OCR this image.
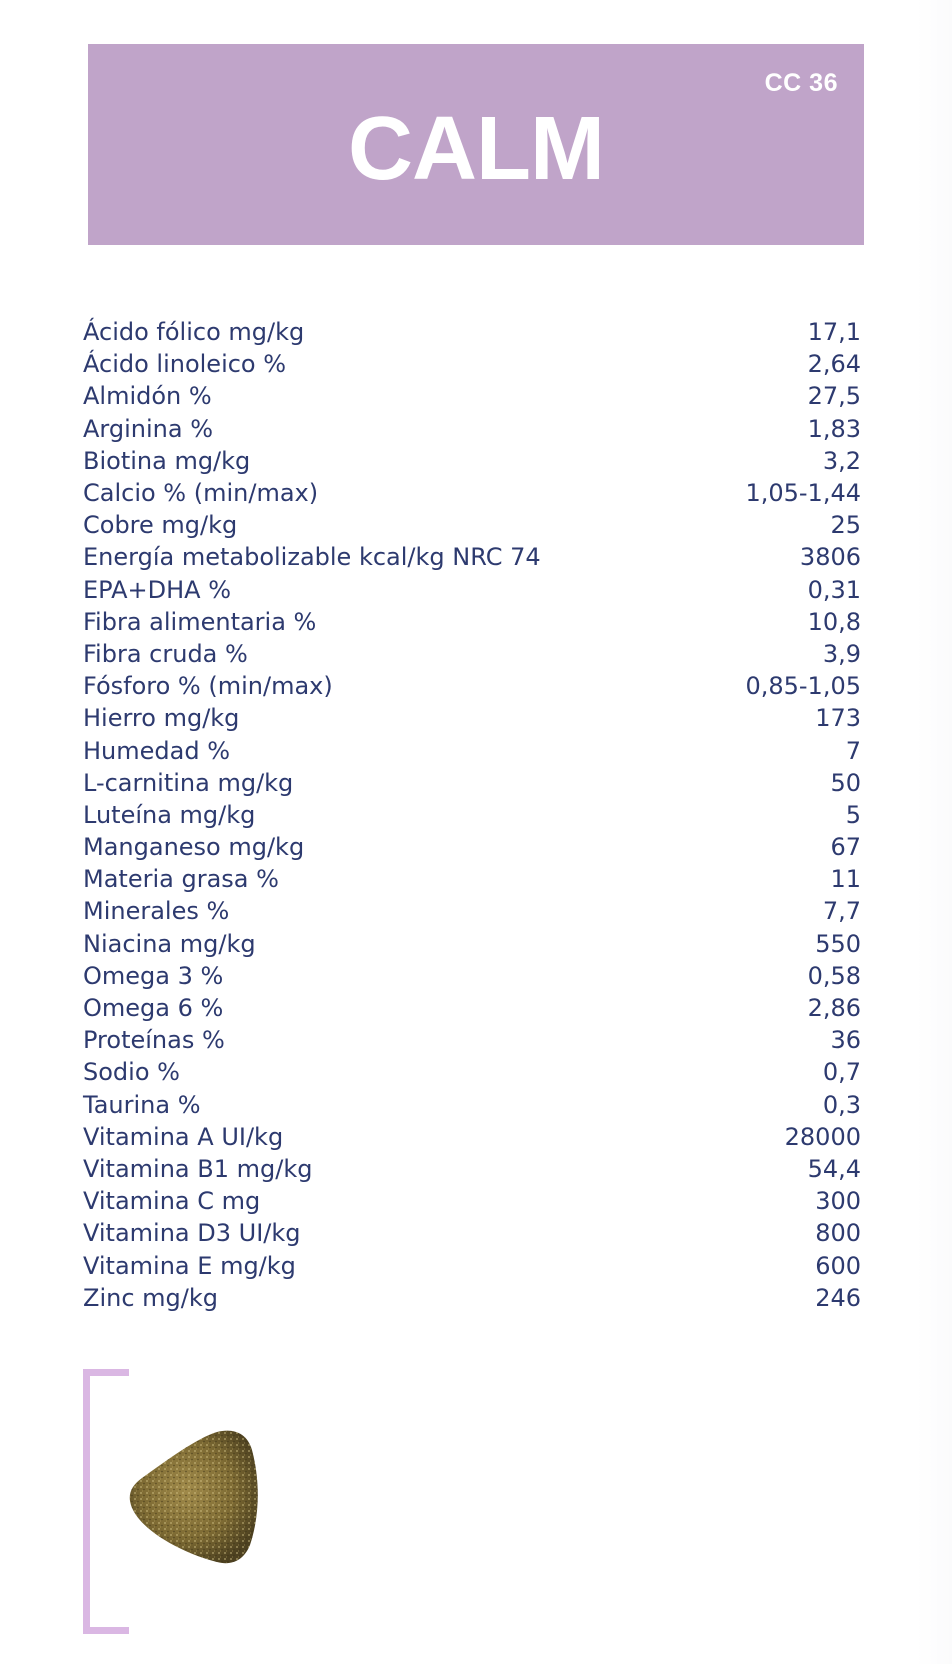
CC 36
CALM
Ácido fólico mg/kg	17,1
Ácido linoleico %	2,64
Almidón %	27,5
Arginina %	1,83
Biotina mg/kg	3,2
Calcio % (min/max)	1,05-1,44
Cobre mg/kg	25
Energía metabolizable kcal/kg NRC 74	3806
EPA+DHA %	0,31
Fibra alimentaria %	10,8
Fibra cruda %	3,9
Fósforo % (min/max)	0,85-1,05
Hierro mg/kg	173
Humedad %	7
L-carnitina mg/kg	50
Luteína mg/kg	5
Manganeso mg/kg	67
Materia grasa %	11
Minerales %	7,7
Niacina mg/kg	550
Omega 3 %	0,58
Omega 6 %	2,86
Proteínas %	36
Sodio %	0,7
Taurina %	0,3
Vitamina A UI/kg	28000
Vitamina B1 mg/kg	54,4
Vitamina C mg	300
Vitamina D3 UI/kg	800
Vitamina E mg/kg	600
Zinc mg/kg	246
